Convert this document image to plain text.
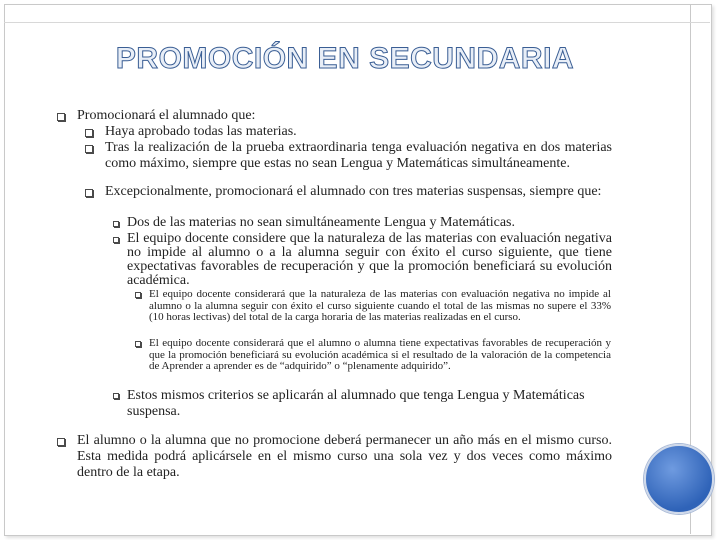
PROMOCIÓN EN SECUNDARIA
Promocionará el alumnado que:
Haya aprobado todas las materias.
Tras la realización de la prueba extraordinaria tenga evaluación negativa en dos materias como máximo, siempre que estas no sean Lengua y Matemáticas simultáneamente.
Excepcionalmente, promocionará el alumnado con tres materias suspensas, siempre que:
Dos de las materias no sean simultáneamente Lengua y Matemáticas.
El equipo docente considere que la naturaleza de las materias con evaluación negativa no impide al alumno o a la alumna seguir con éxito el curso siguiente, que tiene expectativas favorables de recuperación y que la promoción beneficiará su evolución académica.
El equipo docente considerará que la naturaleza de las materias con evaluación negativa no impide al alumno o la alumna seguir con éxito el curso siguiente cuando el total de las mismas no supere el 33% (10 horas lectivas) del total de la carga horaria de las materias realizadas en el curso.
El equipo docente considerará que el alumno o alumna tiene expectativas favorables de recuperación y que la promoción beneficiará su evolución académica si el resultado de la valoración de la competencia de Aprender a aprender es de “adquirido” o “plenamente adquirido”.
Estos mismos criterios se aplicarán al alumnado que tenga Lengua y Matemáticas suspensa.
El alumno o la alumna que no promocione deberá permanecer un año más en el mismo curso. Esta medida podrá aplicársele en el mismo curso una sola vez y dos veces como máximo dentro de la etapa.
